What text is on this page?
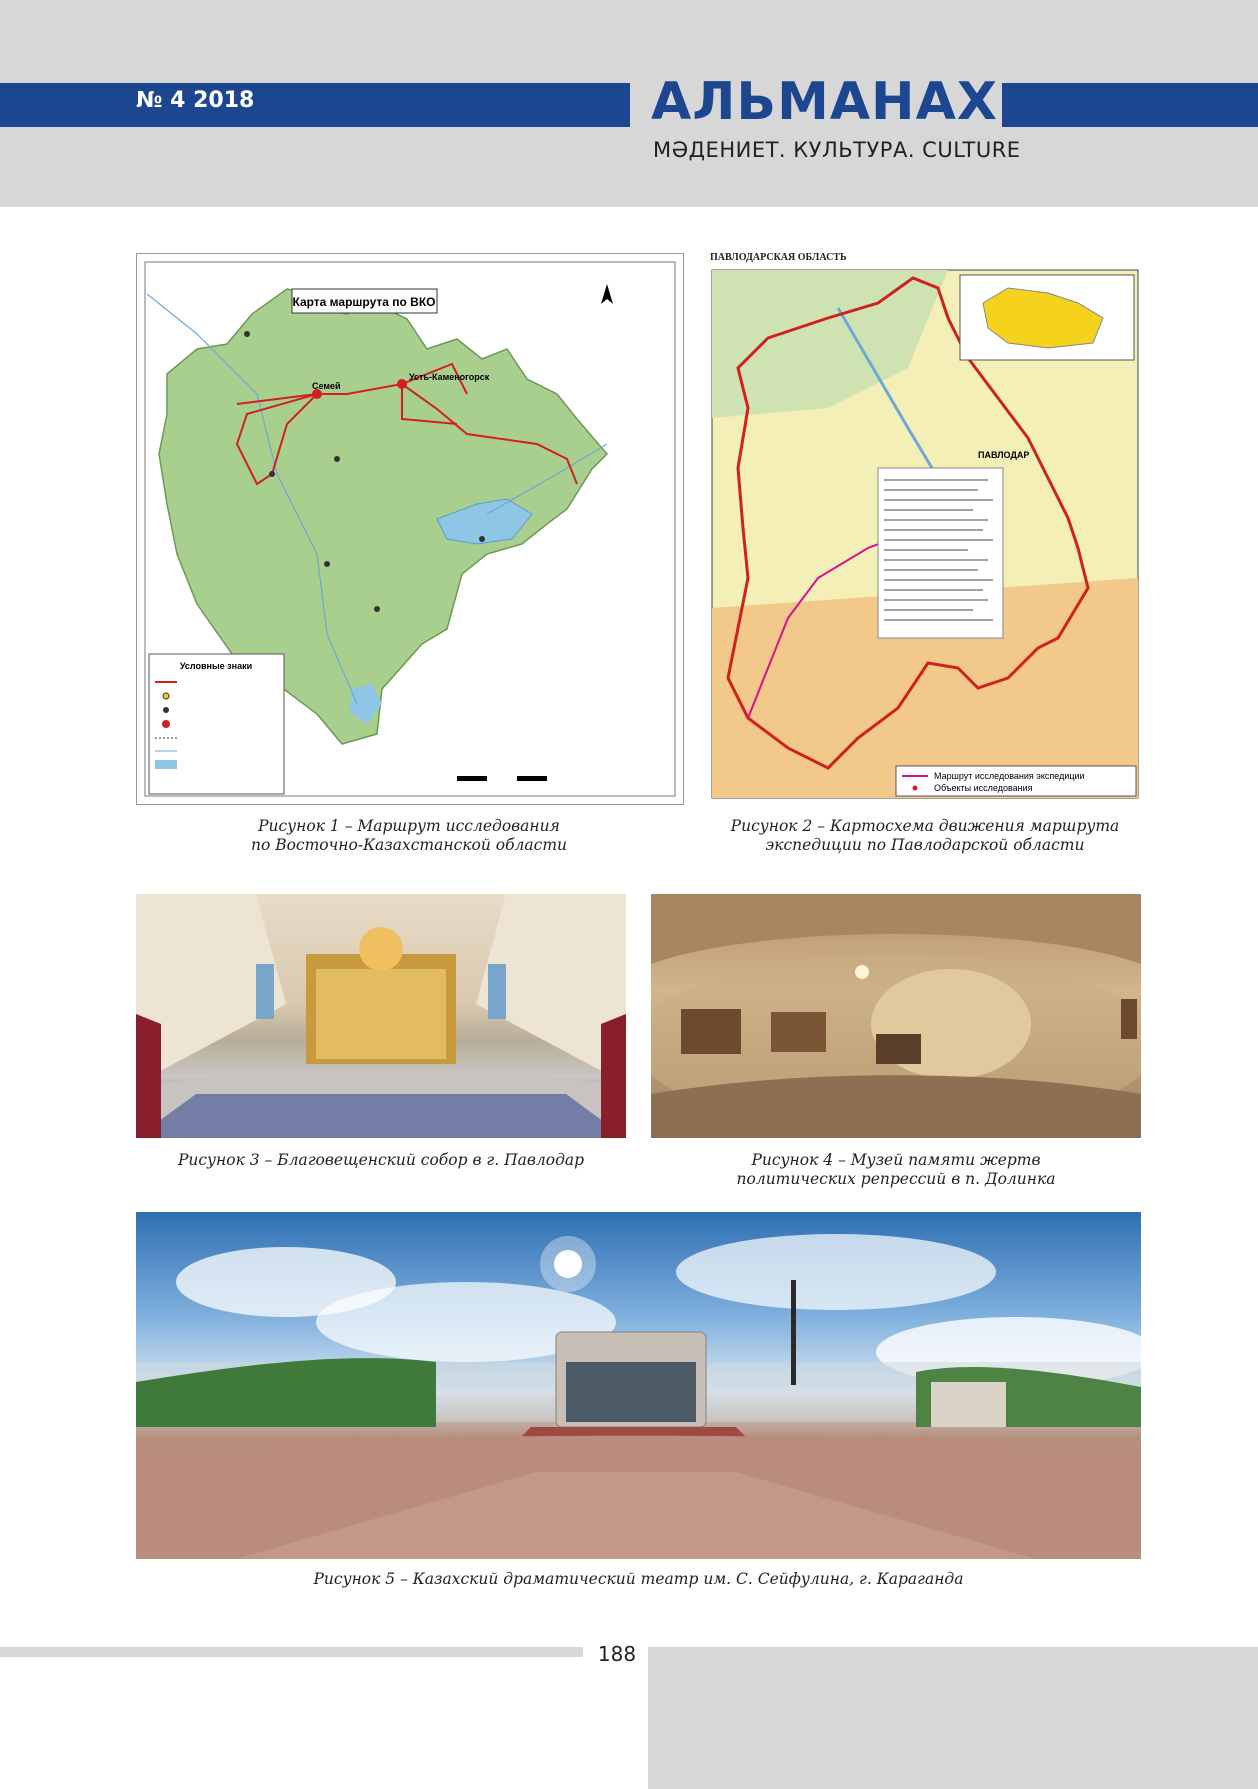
№ 4 2018	АЛЬМАНАХ
МӘДЕНИЕТ. КУЛЬТУРА. CULTURE
Семей
Усть-Каменогорск
Карта маршрута по ВКО
Условные знаки
Рисунок 1 – Маршрут исследования
по Восточно-Казахстанской области
ПАВЛОДАРСКАЯ ОБЛАСТЬ
ПАВЛОДАР
Маршрут исследования экспедиции
Объекты исследования
Рисунок 2 – Картосхема движения маршрута
экспедиции по Павлодарской области
Рисунок 3 – Благовещенский собор в г. Павлодар	Рисунок 4 – Музей памяти жертв
политических репрессий в п. Долинка
Рисунок 5 – Казахский драматический театр им. С. Сейфулина, г. Караганда
188
